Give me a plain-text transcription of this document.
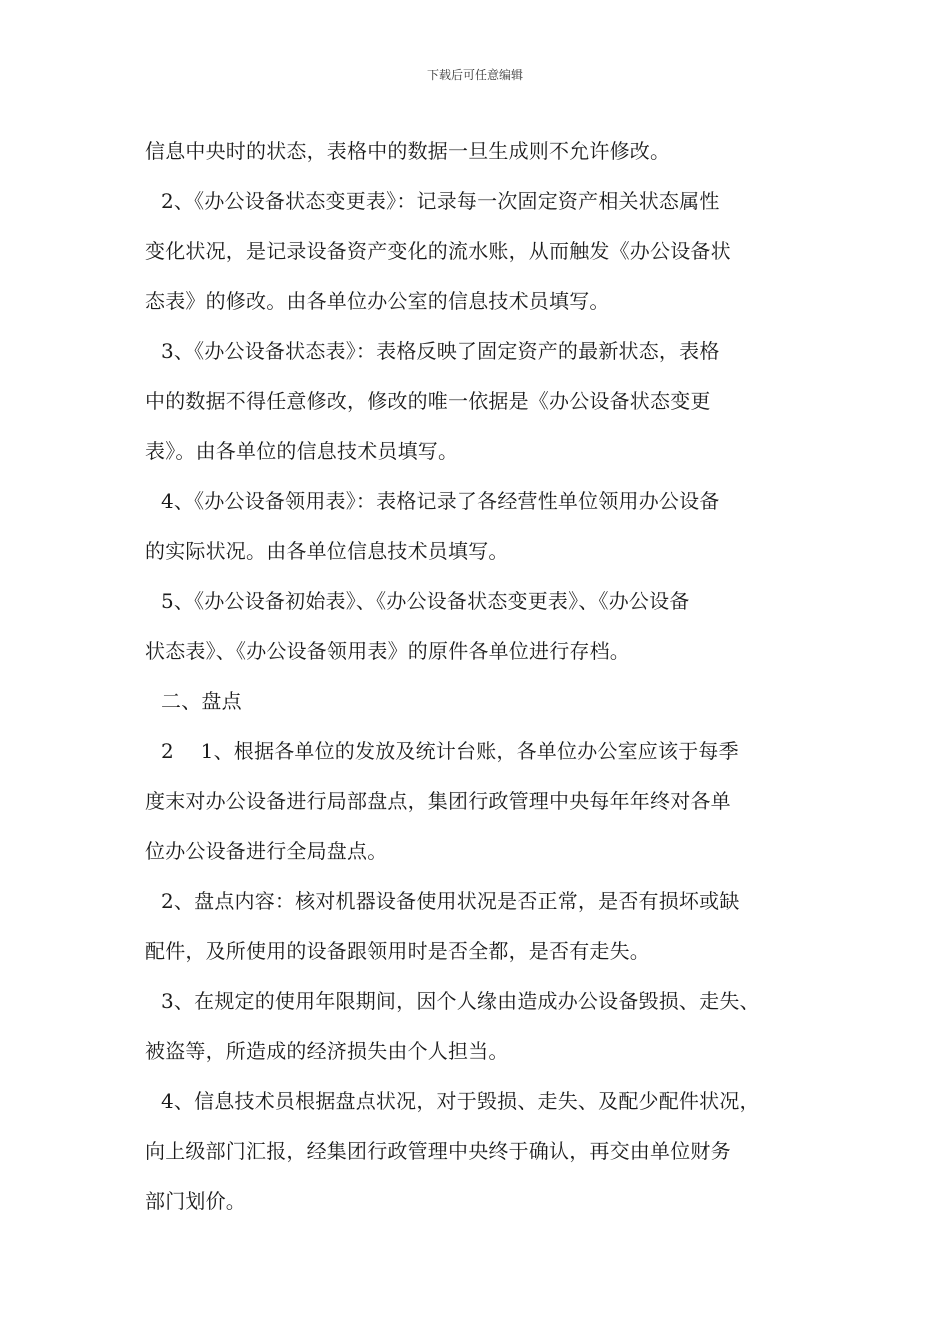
下载后可任意编辑
信息中央时的状态，表格中的数据一旦生成则不允许修改。
2、《办公设备状态变更表》：记录每一次固定资产相关状态属性
变化状况，是记录设备资产变化的流水账，从而触发《办公设备状
态表》的修改。由各单位办公室的信息技术员填写。
3、《办公设备状态表》：表格反映了固定资产的最新状态，表格
中的数据不得任意修改，修改的唯一依据是《办公设备状态变更
表》。由各单位的信息技术员填写。
4、《办公设备领用表》：表格记录了各经营性单位领用办公设备
的实际状况。由各单位信息技术员填写。
5、《办公设备初始表》、《办公设备状态变更表》、《办公设备
状态表》、《办公设备领用表》的原件各单位进行存档。
二、盘点
2　 1、根据各单位的发放及统计台账，各单位办公室应该于每季
度末对办公设备进行局部盘点，集团行政管理中央每年年终对各单
位办公设备进行全局盘点。
2、盘点内容：核对机器设备使用状况是否正常，是否有损坏或缺
配件，及所使用的设备跟领用时是否全都，是否有走失。
3、在规定的使用年限期间，因个人缘由造成办公设备毁损、走失、
被盗等，所造成的经济损失由个人担当。
4、信息技术员根据盘点状况，对于毁损、走失、及配少配件状况，
向上级部门汇报，经集团行政管理中央终于确认，再交由单位财务
部门划价。
